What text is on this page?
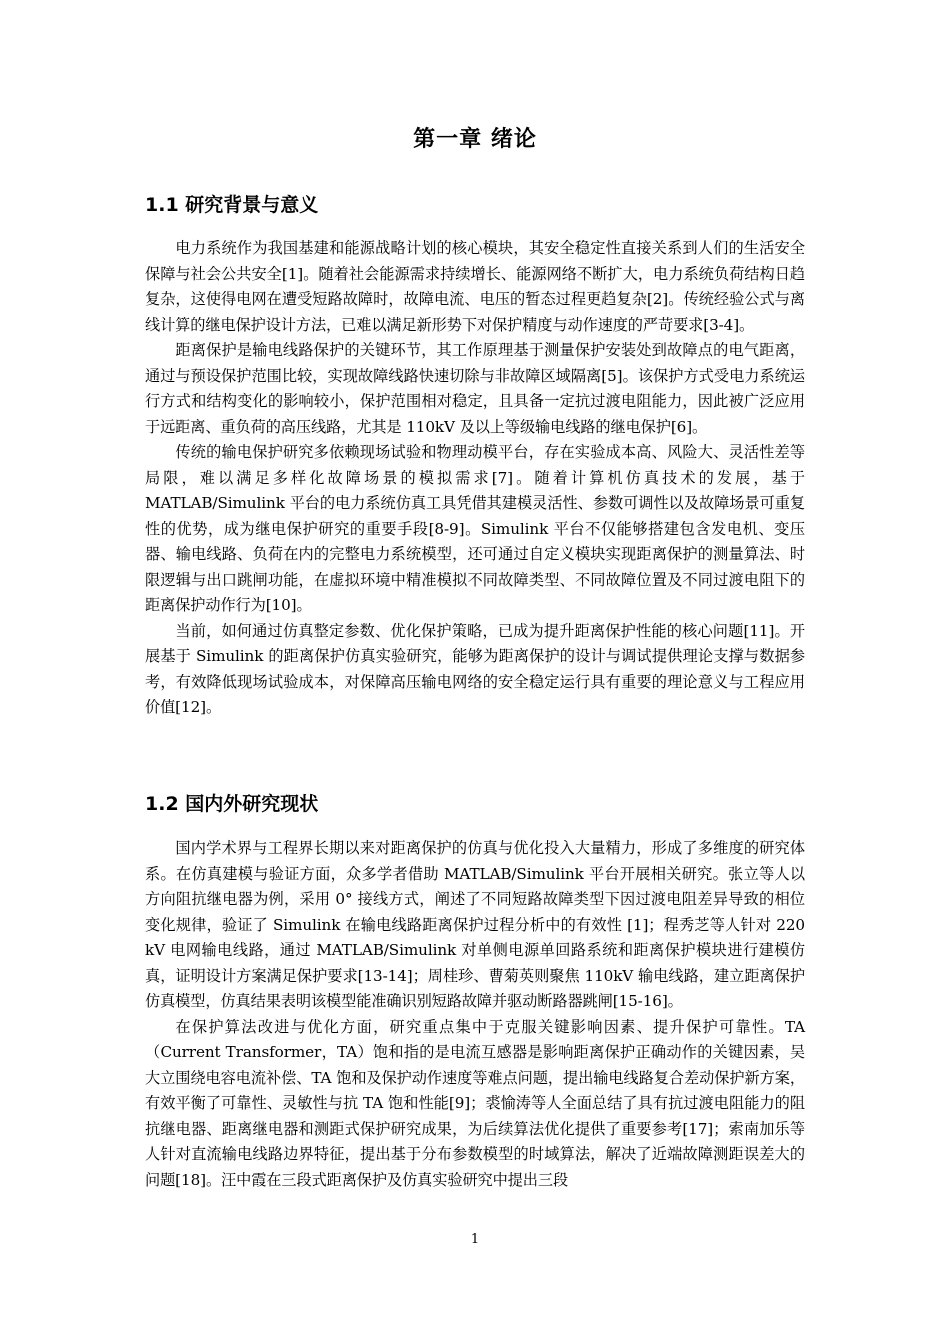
第一章 绪论
1.1 研究背景与意义

电力系统作为我国基建和能源战略计划的核心模块，其安全稳定性直接关系到人们的生活安全保障与社会公共安全[1]。随着社会能源需求持续增长、能源网络不断扩大，电力系统负荷结构日趋复杂，这使得电网在遭受短路故障时，故障电流、电压的暂态过程更趋复杂[2]。传统经验公式与离线计算的继电保护设计方法，已难以满足新形势下对保护精度与动作速度的严苛要求[3-4]。

距离保护是输电线路保护的关键环节，其工作原理基于测量保护安装处到故障点的电气距离，通过与预设保护范围比较，实现故障线路快速切除与非故障区域隔离[5]。该保护方式受电力系统运行方式和结构变化的影响较小，保护范围相对稳定，且具备一定抗过渡电阻能力，因此被广泛应用于远距离、重负荷的高压线路，尤其是 110kV 及以上等级输电线路的继电保护[6]。

传统的输电保护研究多依赖现场试验和物理动模平台，存在实验成本高、风险大、灵活性差等局限，难以满足多样化故障场景的模拟需求[7]。随着计算机仿真技术的发展，基于MATLAB/Simulink 平台的电力系统仿真工具凭借其建模灵活性、参数可调性以及故障场景可重复性的优势，成为继电保护研究的重要手段[8-9]。Simulink 平台不仅能够搭建包含发电机、变压器、输电线路、负荷在内的完整电力系统模型，还可通过自定义模块实现距离保护的测量算法、时限逻辑与出口跳闸功能，在虚拟环境中精准模拟不同故障类型、不同故障位置及不同过渡电阻下的距离保护动作行为[10]。

当前，如何通过仿真整定参数、优化保护策略，已成为提升距离保护性能的核心问题[11]。开展基于 Simulink 的距离保护仿真实验研究，能够为距离保护的设计与调试提供理论支撑与数据参考，有效降低现场试验成本，对保障高压输电网络的安全稳定运行具有重要的理论意义与工程应用价值[12]。

1.2 国内外研究现状

国内学术界与工程界长期以来对距离保护的仿真与优化投入大量精力，形成了多维度的研究体系。在仿真建模与验证方面，众多学者借助 MATLAB/Simulink 平台开展相关研究。张立等人以方向阻抗继电器为例，采用 0° 接线方式，阐述了不同短路故障类型下因过渡电阻差异导致的相位变化规律，验证了 Simulink 在输电线路距离保护过程分析中的有效性 [1]；程秀芝等人针对 220 kV 电网输电线路，通过 MATLAB/Simulink 对单侧电源单回路系统和距离保护模块进行建模仿真，证明设计方案满足保护要求[13-14]；周桂珍、曹菊英则聚焦 110kV 输电线路，建立距离保护仿真模型，仿真结果表明该模型能准确识别短路故障并驱动断路器跳闸[15-16]。

在保护算法改进与优化方面，研究重点集中于克服关键影响因素、提升保护可靠性。TA（Current Transformer，TA）饱和指的是电流互感器是影响距离保护正确动作的关键因素，吴大立围绕电容电流补偿、TA 饱和及保护动作速度等难点问题，提出输电线路复合差动保护新方案，有效平衡了可靠性、灵敏性与抗 TA 饱和性能[9]；裘愉涛等人全面总结了具有抗过渡电阻能力的阻抗继电器、距离继电器和测距式保护研究成果，为后续算法优化提供了重要参考[17]；索南加乐等人针对直流输电线路边界特征，提出基于分布参数模型的时域算法，解决了近端故障测距误差大的问题[18]。汪中霞在三段式距离保护及仿真实验研究中提出三段

1
